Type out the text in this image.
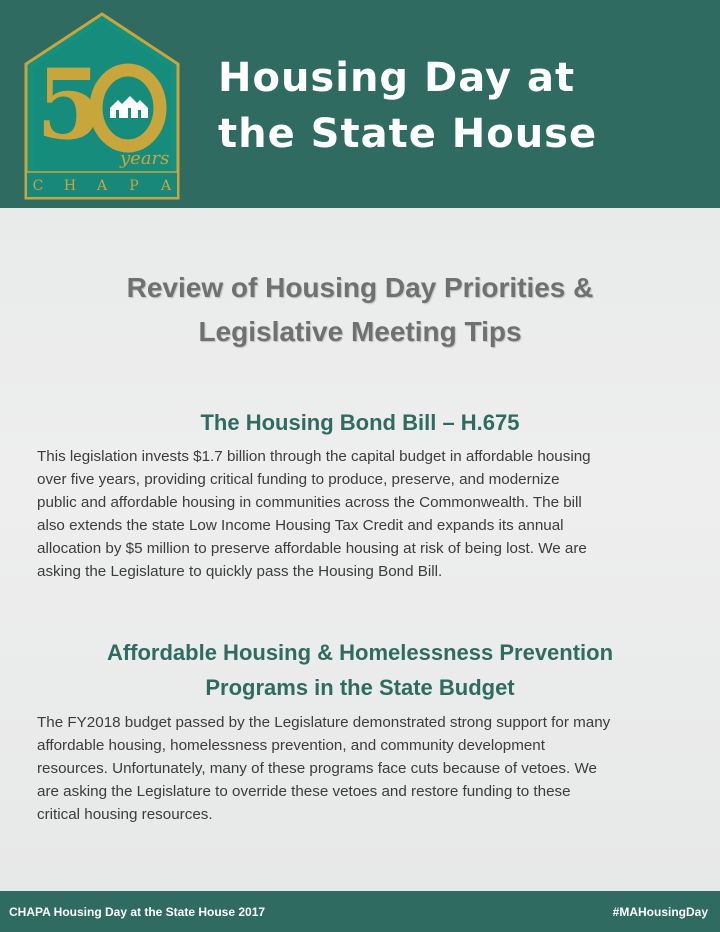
5 years
C H A P A
Housing Day at
the State House
Review of Housing Day Priorities &
Legislative Meeting Tips
The Housing Bond Bill – H.675
This legislation invests $1.7 billion through the capital budget in affordable housing
over five years, providing critical funding to produce, preserve, and modernize
public and affordable housing in communities across the Commonwealth. The bill
also extends the state Low Income Housing Tax Credit and expands its annual
allocation by $5 million to preserve affordable housing at risk of being lost. We are
asking the Legislature to quickly pass the Housing Bond Bill.
Affordable Housing & Homelessness Prevention
Programs in the State Budget
The FY2018 budget passed by the Legislature demonstrated strong support for many
affordable housing, homelessness prevention, and community development
resources. Unfortunately, many of these programs face cuts because of vetoes. We
are asking the Legislature to override these vetoes and restore funding to these
critical housing resources.
CHAPA Housing Day at the State House 2017	#MAHousingDay
